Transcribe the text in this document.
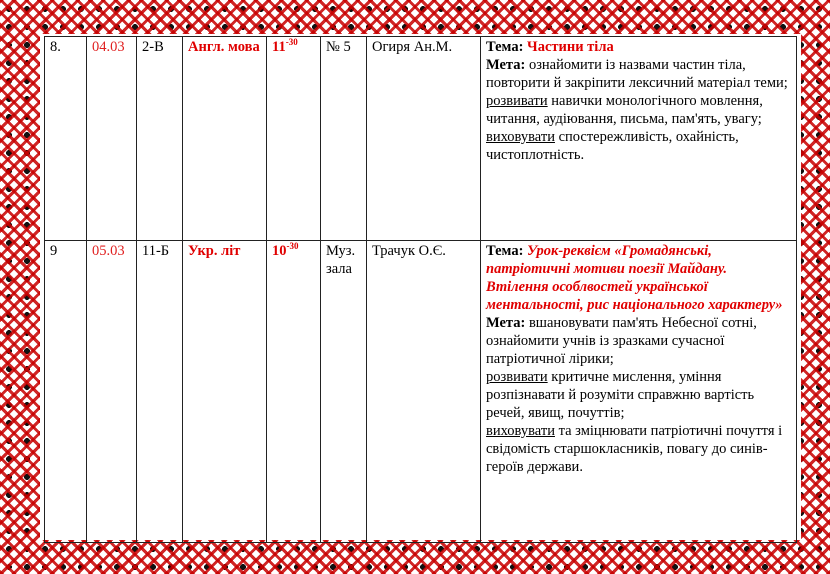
8.	04.03	2-В	Англ. мова	$11^{-30}$	№ 5	Огиря Ан.М.	Тема: Частини тіла
Мета: ознайомити із назвами частин тіла, повторити й закріпити лексичний матеріал теми;
розвивати навички монологічного мовлення, читання, аудіювання, письма, пам'ять, увагу;
виховувати спостережливість, охайність, чистоплотність.
9	05.03	11-Б	Укр. літ	$10^{-30}$	Муз. зала	Трачук О.Є.	Тема: Урок-реквієм «Громадянські, патріотичні мотиви поезії Майдану. Втілення особлвостей української ментальності, рис національного характеру»
Мета: вшановувати пам'ять Небесної сотні, ознайомити учнів із зразками сучасної патріотичної лірики;
розвивати критичне мислення, уміння розпізнавати й розуміти справжню вартість речей, явищ, почуттів;
виховувати та зміцнювати патріотичні почуття і свідомість старшокласників, повагу до синів-героїв держави.
